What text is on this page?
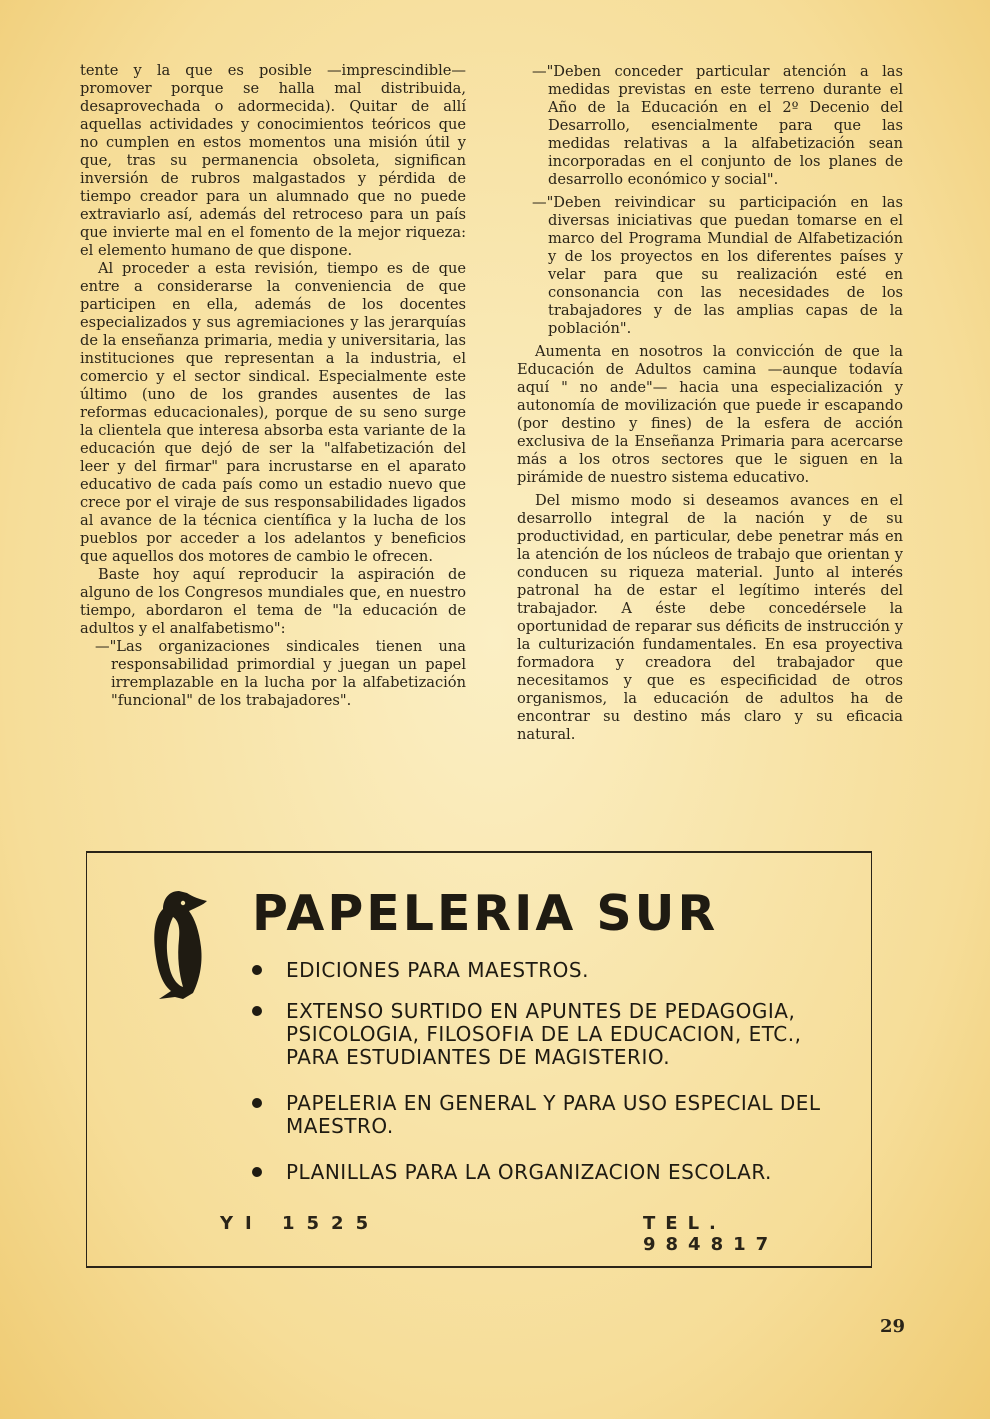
tente y la que es posible —imprescindible— promover porque se halla mal distribuida, desaprovechada o adormecida). Quitar de allí aquellas actividades y conocimientos teóricos que no cumplen en estos momentos una misión útil y que, tras su permanencia obsoleta, significan inversión de rubros malgastados y pérdida de tiempo creador para un alumnado que no puede extraviarlo así, además del retroceso para un país que invierte mal en el fomento de la mejor riqueza: el elemento humano de que dispone.

Al proceder a esta revisión, tiempo es de que entre a considerarse la conveniencia de que participen en ella, además de los docentes especializados y sus agremiaciones y las jerarquías de la enseñanza primaria, media y universitaria, las instituciones que representan a la industria, el comercio y el sector sindical. Especialmente este último (uno de los grandes ausentes de las reformas educacionales), porque de su seno surge la clientela que interesa absorba esta variante de la educación que dejó de ser la "alfabetización del leer y del firmar" para incrustarse en el aparato educativo de cada país como un estadio nuevo que crece por el viraje de sus responsabilidades ligados al avance de la técnica científica y la lucha de los pueblos por acceder a los adelantos y beneficios que aquellos dos motores de cambio le ofrecen.

Baste hoy aquí reproducir la aspiración de alguno de los Congresos mundiales que, en nuestro tiempo, abordaron el tema de "la educación de adultos y el analfabetismo":

—"Las organizaciones sindicales tienen una responsabilidad primordial y juegan un papel irremplazable en la lucha por la alfabetización "funcional" de los trabajadores".

—"Deben conceder particular atención a las medidas previstas en este terreno durante el Año de la Educación en el 2º Decenio del Desarrollo, esencialmente para que las medidas relativas a la alfabetización sean incorporadas en el conjunto de los planes de desarrollo económico y social".

—"Deben reivindicar su participación en las diversas iniciativas que puedan tomarse en el marco del Programa Mundial de Alfabetización y de los proyectos en los diferentes países y velar para que su realización esté en consonancia con las necesidades de los trabajadores y de las amplias capas de la población".

Aumenta en nosotros la convicción de que la Educación de Adultos camina —aunque todavía aquí " no ande"— hacia una especialización y autonomía de movilización que puede ir escapando (por destino y fines) de la esfera de acción exclusiva de la Enseñanza Primaria para acercarse más a los otros sectores que le siguen en la pirámide de nuestro sistema educativo.

Del mismo modo si deseamos avances en el desarrollo integral de la nación y de su productividad, en particular, debe penetrar más en la atención de los núcleos de trabajo que orientan y conducen su riqueza material. Junto al interés patronal ha de estar el legítimo interés del trabajador. A éste debe concedérsele la oportunidad de reparar sus déficits de instrucción y la culturización fundamentales. En esa proyectiva formadora y creadora del trabajador que necesitamos y que es especificidad de otros organismos, la educación de adultos ha de encontrar su destino más claro y su eficacia natural.

PAPELERIA SUR
EDICIONES PARA MAESTROS.
EXTENSO SURTIDO EN APUNTES DE PEDAGOGIA, PSICOLOGIA, FILOSOFIA DE LA EDUCACION, ETC., PARA ESTUDIANTES DE MAGISTERIO.
PAPELERIA EN GENERAL Y PARA USO ESPECIAL DEL MAESTRO.
PLANILLAS PARA LA ORGANIZACION ESCOLAR.
YI 1525	TEL. 984817
29
